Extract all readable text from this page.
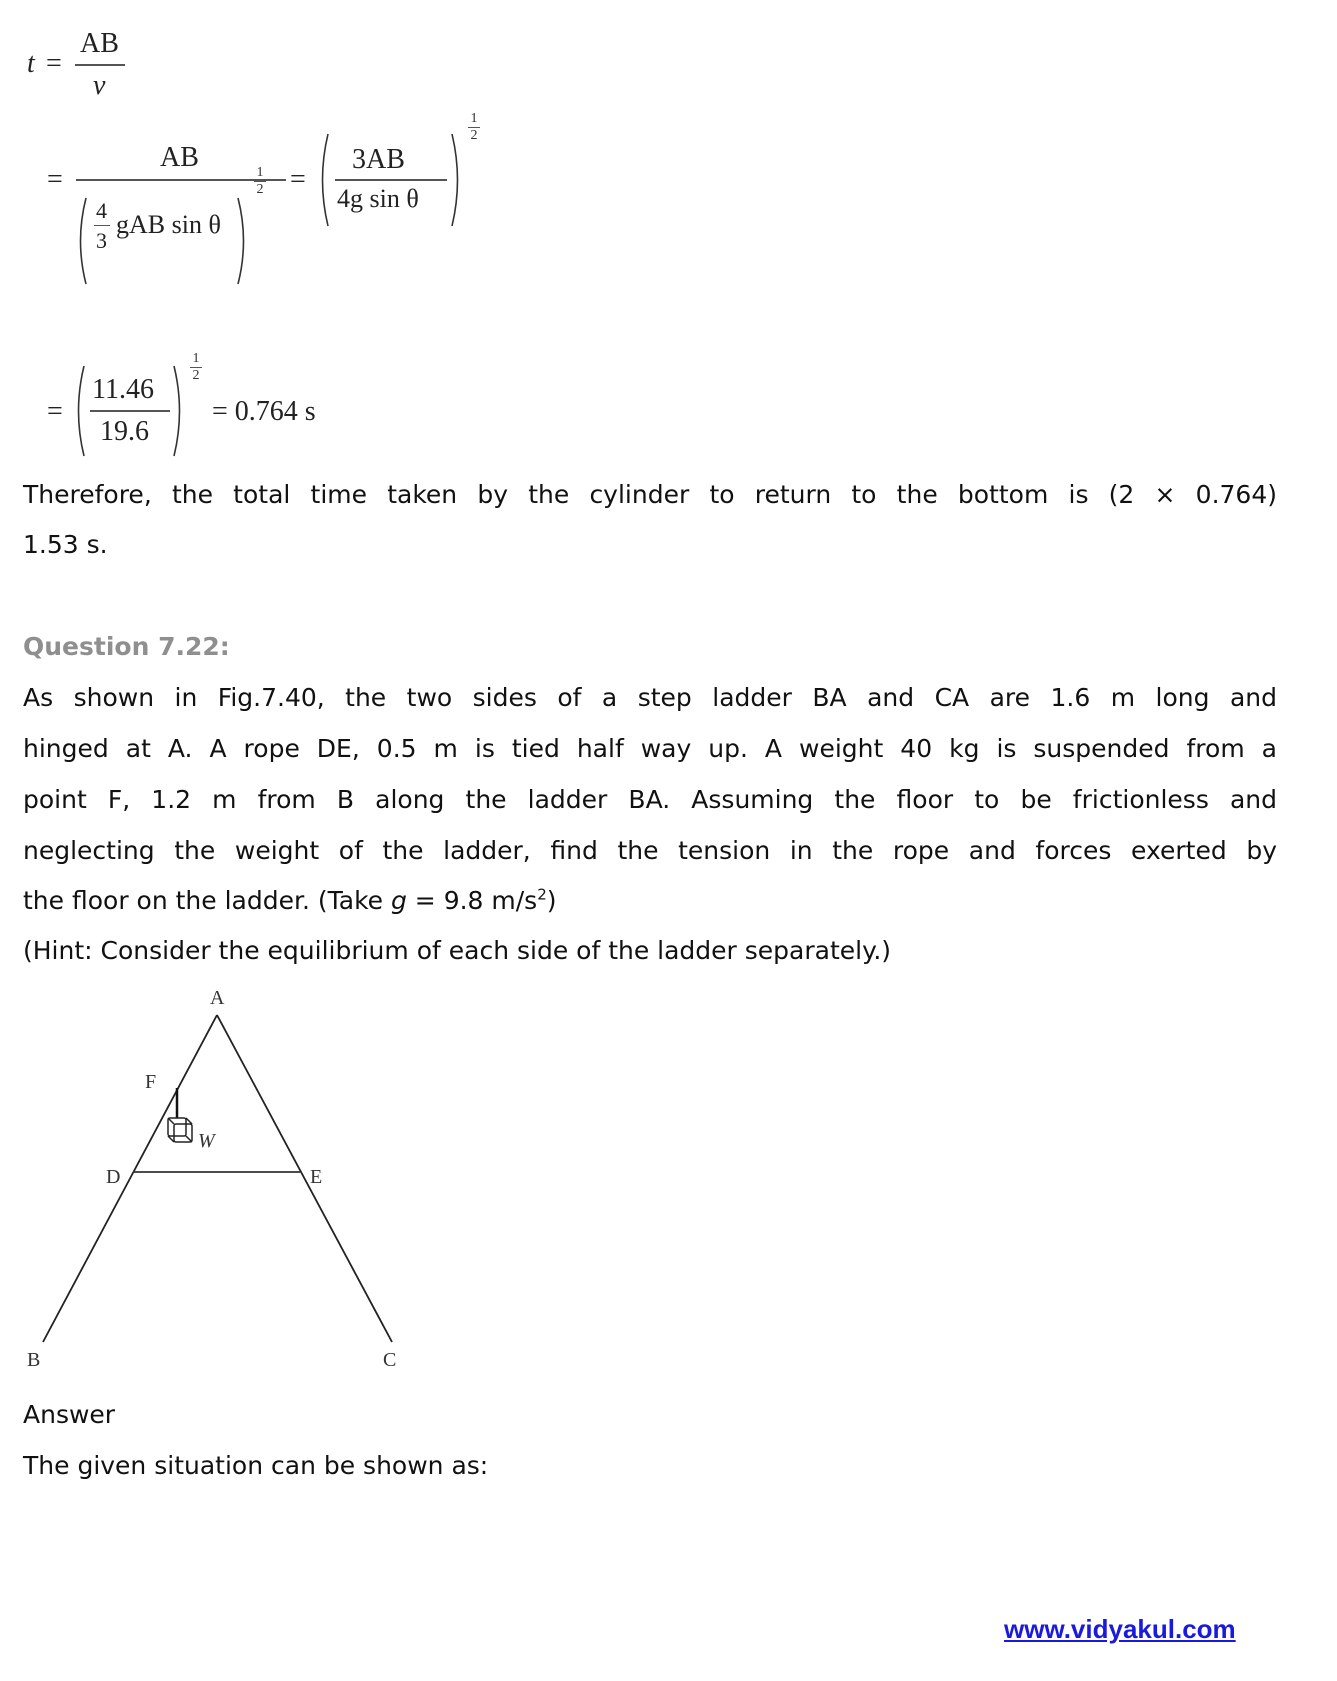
t =
AB
v
=
AB
4
3
gAB sin θ
1
2 =
3AB
4g sin θ
1
2
=
11.46
19.6
1
2
= 0.764 s
Therefore, the total time taken by the cylinder to return to the bottom is (2 × 0.764)
1.53 s.
Question 7.22:
As shown in Fig.7.40, the two sides of a step ladder BA and CA are 1.6 m long and
hinged at A. A rope DE, 0.5 m is tied half way up. A weight 40 kg is suspended from a
point F, 1.2 m from B along the ladder BA. Assuming the floor to be frictionless and
neglecting the weight of the ladder, find the tension in the rope and forces exerted by
the floor on the ladder. (Take g = 9.8 $m/s^2$)
(Hint: Consider the equilibrium of each side of the ladder separately.)
A
F
W
D	E
B	C
Answer
The given situation can be shown as:
www.vidyakul.com
